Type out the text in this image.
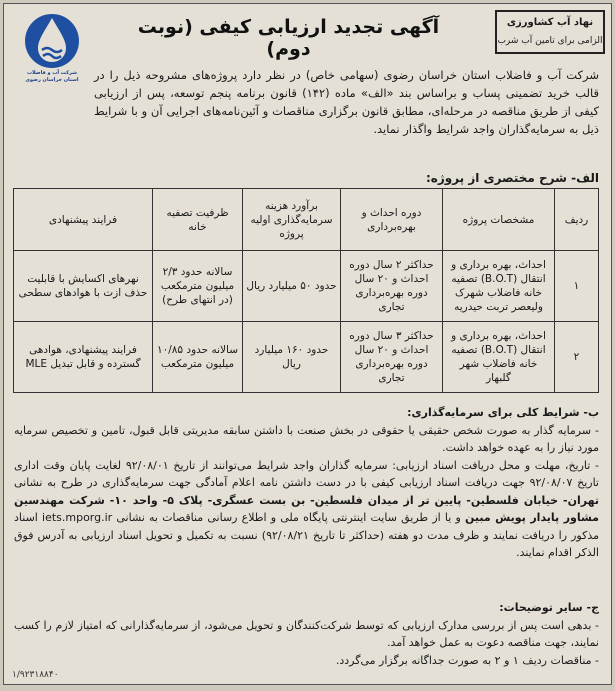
نهاد آب کشاورزی
الزامی برای تامین آب شرب
آگهی تجدید ارزیابی کیفی (نوبت دوم)
شرکت آب و فاضلاب
استان خراسان رضوی	شرکت آب و فاضلاب استان خراسان رضوی (سهامی خاص) در نظر دارد پروژه‌های مشروحه ذیل را در قالب خرید تضمینی پساب و براساس بند «الف» ماده (۱۴۲) قانون برنامه پنجم توسعه، پس از ارزیابی کیفی از طریق مناقصه در مرحله‌ای، مطابق قانون برگزاری مناقصات و آئین‌نامه‌های اجرایی آن و با شرایط ذیل به سرمایه‌گذاران واجد شرایط واگذار نماید.
الف- شرح مختصری از پروژه:
ردیف	مشخصات پروژه	دوره احداث و بهره‌برداری	برآورد هزینه سرمایه‌گذاری اولیه پروژه	ظرفیت تصفیه خانه	فرایند پیشنهادی
۱	احداث، بهره برداری و انتقال (B.O.T) تصفیه خانه فاضلاب شهرک ولیعصر تربت حیدریه	حداکثر ۲ سال دوره احداث و ۲۰ سال دوره بهره‌برداری تجاری	حدود ۵۰ میلیارد ریال	سالانه حدود ۲/۳ میلیون مترمکعب (در انتهای طرح)	نهرهای اکسایش با قابلیت حذف ازت با هوادهای سطحی
۲	احداث، بهره برداری و انتقال (B.O.T) تصفیه خانه فاضلاب شهر گلبهار	حداکثر ۳ سال دوره احداث و ۲۰ سال دوره بهره‌برداری تجاری	حدود ۱۶۰ میلیارد ریال	سالانه حدود ۱۰/۸۵ میلیون مترمکعب	فرایند پیشنهادی، هوادهی گسترده و قابل تبدیل MLE

ب- شرایط کلی برای سرمایه‌گذاری:

- سرمایه گذار به صورت شخص حقیقی یا حقوقی در بخش صنعت با داشتن سابقه مدیریتی قابل قبول، تامین و تخصیص سرمایه مورد نیاز را به عهده خواهد داشت.

- تاریخ، مهلت و محل دریافت اسناد ارزیابی: سرمایه گذاران واجد شرایط می‌توانند از تاریخ ۹۲/۰۸/۰۱ لغایت پایان وقت اداری تاریخ ۹۲/۰۸/۰۷ جهت دریافت اسناد ارزیابی کیفی با در دست داشتن نامه اعلام آمادگی جهت سرمایه‌گذاری در طرح به نشانی تهران- خیابان فلسطین- پایین تر از میدان فلسطین- بن بست عسگری- پلاک ۵- واحد ۱۰- شرکت مهندسین مشاور پایدار پویش مبین و یا از طریق سایت اینترنتی پایگاه ملی و اطلاع رسانی مناقصات به نشانی iets.mporg.ir اسناد مذکور را دریافت نمایند و ظرف مدت دو هفته (حداکثر تا تاریخ ۹۲/۰۸/۲۱) نسبت به تکمیل و تحویل اسناد ارزیابی به آدرس فوق الذکر اقدام نمایند.

ج- سایر توضیحات:

- بدهی است پس از بررسی مدارک ارزیابی که توسط شرکت‌کنندگان و تحویل می‌شود، از سرمایه‌گذارانی که امتیاز لازم را کسب نمایند، جهت مناقصه دعوت به عمل خواهد آمد.

- مناقصات ردیف ۱ و ۲ به صورت جداگانه برگزار می‌گردد.

۱/۹۲۳۱۸۸۴۰
